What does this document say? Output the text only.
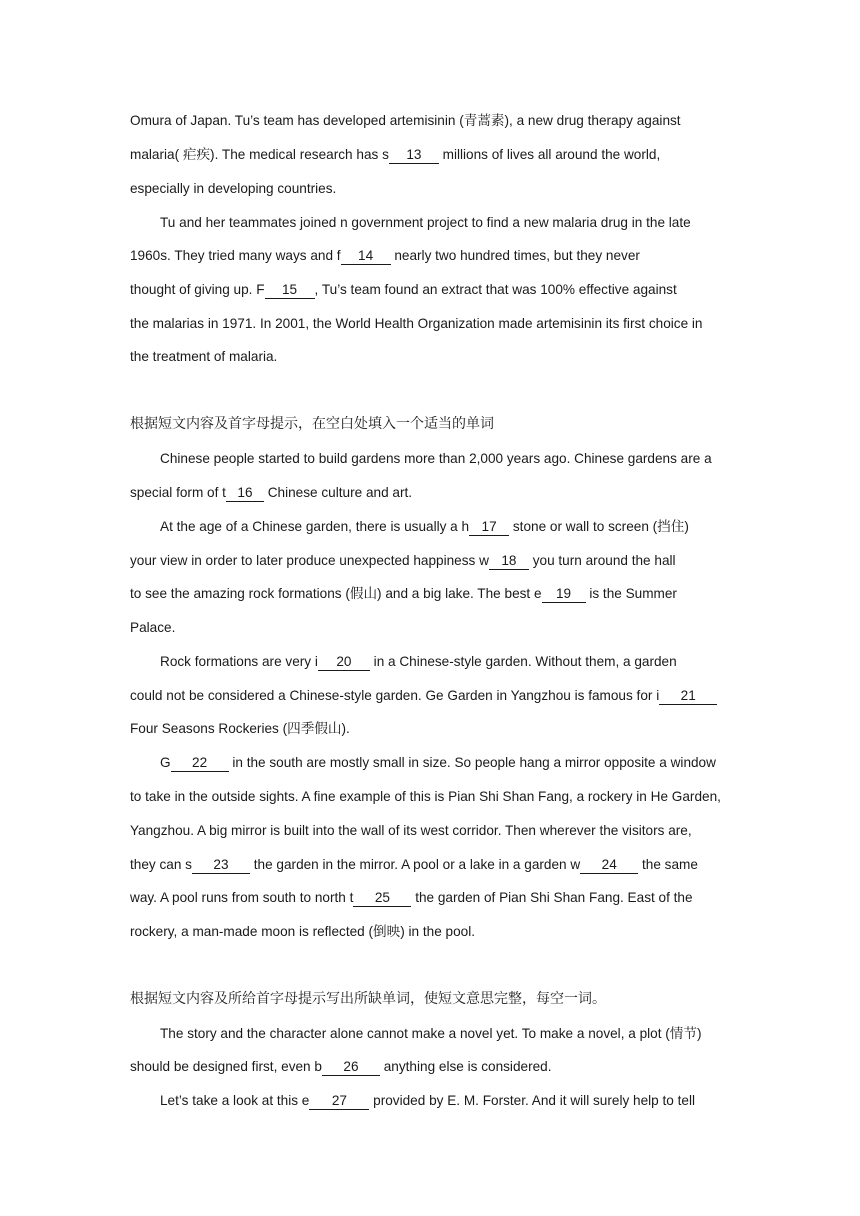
Omura of Japan. Tu’s team has developed artemisinin (青蒿素), a new drug therapy against
malaria( 疟疾). The medical research has s 13 millions of lives all around the world,
especially in developing countries.
Tu and her teammates joined n government project to find a new malaria drug in the late
1960s. They tried many ways and f 14 nearly two hundred times, but they never
thought of giving up. F 15 , Tu’s team found an extract that was 100% effective against
the malarias in 1971. In 2001, the World Health Organization made artemisinin its first choice in
the treatment of malaria.
根据短文内容及首字母提示，在空白处填入一个适当的单词
Chinese people started to build gardens more than 2,000 years ago. Chinese gardens are a
special form of t 16 Chinese culture and art.
At the age of a Chinese garden, there is usually a h 17 stone or wall to screen (挡住)
your view in order to later produce unexpected happiness w 18 you turn around the hall
to see the amazing rock formations (假山) and a big lake. The best e 19 is the Summer
Palace.
Rock formations are very i 20 in a Chinese-style garden. Without them, a garden
could not be considered a Chinese-style garden. Ge Garden in Yangzhou is famous for i 21
Four Seasons Rockeries (四季假山).
G 22 in the south are mostly small in size. So people hang a mirror opposite a window
to take in the outside sights. A fine example of this is Pian Shi Shan Fang, a rockery in He Garden,
Yangzhou. A big mirror is built into the wall of its west corridor. Then wherever the visitors are,
they can s 23 the garden in the mirror. A pool or a lake in a garden w 24 the same
way. A pool runs from south to north t 25 the garden of Pian Shi Shan Fang. East of the
rockery, a man-made moon is reflected (倒映) in the pool.
根据短文内容及所给首字母提示写出所缺单词，使短文意思完整，每空一词。
The story and the character alone cannot make a novel yet. To make a novel, a plot (情节)
should be designed first, even b 26 anything else is considered.
Let’s take a look at this e 27 provided by E. M. Forster. And it will surely help to tell
